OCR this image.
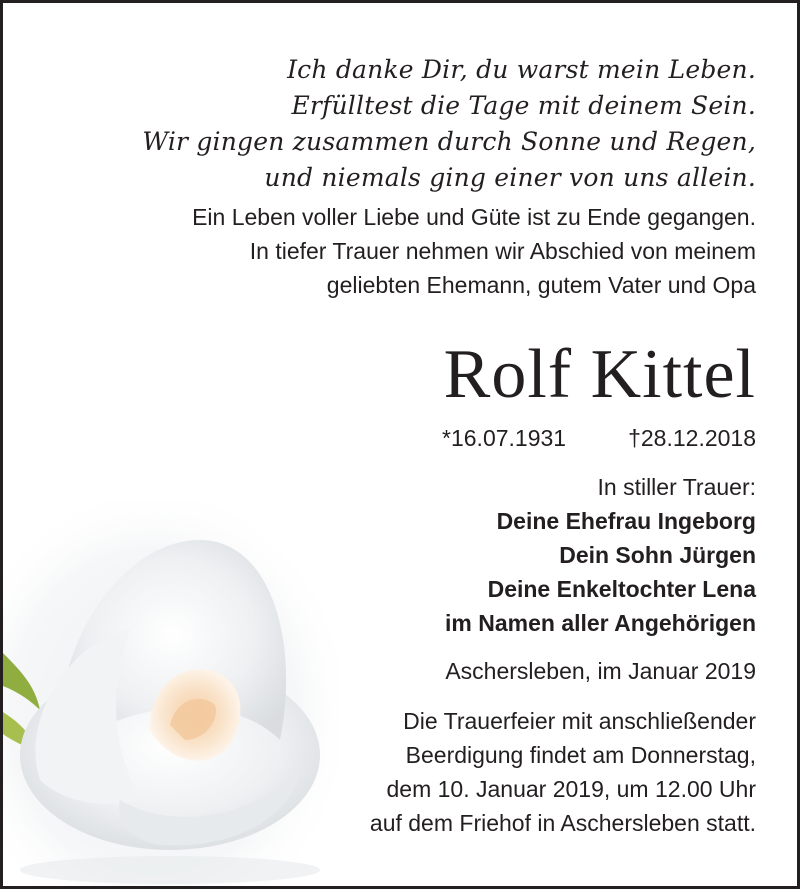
Ich danke Dir, du warst mein Leben.
Erfülltest die Tage mit deinem Sein.
Wir gingen zusammen durch Sonne und Regen,
und niemals ging einer von uns allein.
Ein Leben voller Liebe und Güte ist zu Ende gegangen.
In tiefer Trauer nehmen wir Abschied von meinem
geliebten Ehemann, gutem Vater und Opa
Rolf Kittel
*16.07.1931	†28.12.2018
In stiller Trauer:
Deine Ehefrau Ingeborg
Dein Sohn Jürgen
Deine Enkeltochter Lena
im Namen aller Angehörigen
Aschersleben, im Januar 2019
Die Trauerfeier mit anschließender
Beerdigung findet am Donnerstag,
dem 10. Januar 2019, um 12.00 Uhr
auf dem Friehof in Aschersleben statt.
